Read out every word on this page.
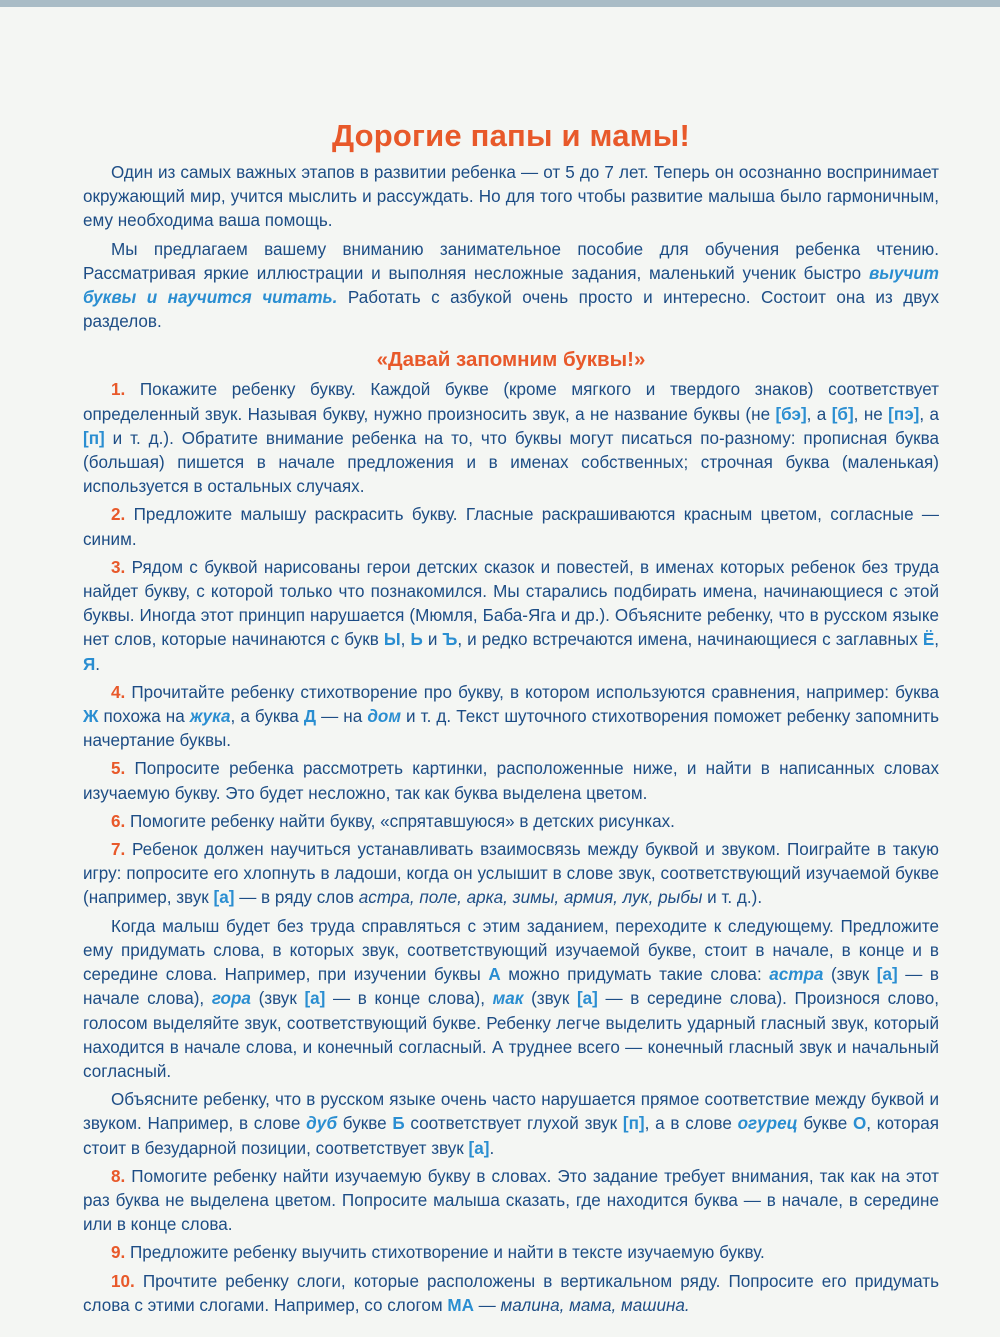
Дорогие папы и мамы!

Один из самых важных этапов в развитии ребенка — от 5 до 7 лет. Теперь он осознанно воспринимает окружающий мир, учится мыслить и рассуждать. Но для того чтобы развитие малыша было гармоничным, ему необходима ваша помощь.

Мы предлагаем вашему вниманию занимательное пособие для обучения ребенка чтению. Рассматривая яркие иллюстрации и выполняя несложные задания, маленький ученик быстро выучит буквы и научится читать. Работать с азбукой очень просто и интересно. Состоит она из двух разделов.

«Давай запомним буквы!»

1. Покажите ребенку букву. Каждой букве (кроме мягкого и твердого знаков) соответствует определенный звук. Называя букву, нужно произносить звук, а не название буквы (не [бэ], а [б], не [пэ], а [п] и т. д.). Обратите внимание ребенка на то, что буквы могут писаться по-разному: прописная буква (большая) пишется в начале предложения и в именах собственных; строчная буква (маленькая) используется в остальных случаях.

2. Предложите малышу раскрасить букву. Гласные раскрашиваются красным цветом, согласные — синим.

3. Рядом с буквой нарисованы герои детских сказок и повестей, в именах которых ребенок без труда найдет букву, с которой только что познакомился. Мы старались подбирать имена, начинающиеся с этой буквы. Иногда этот принцип нарушается (Мюмля, Баба-Яга и др.). Объясните ребенку, что в русском языке нет слов, которые начинаются с букв Ы, Ь и Ъ, и редко встречаются имена, начинающиеся с заглавных Ё, Я.

4. Прочитайте ребенку стихотворение про букву, в котором используются сравнения, например: буква Ж похожа на жука, а буква Д — на дом и т. д. Текст шуточного стихотворения поможет ребенку запомнить начертание буквы.

5. Попросите ребенка рассмотреть картинки, расположенные ниже, и найти в написанных словах изучаемую букву. Это будет несложно, так как буква выделена цветом.

6. Помогите ребенку найти букву, «спрятавшуюся» в детских рисунках.

7. Ребенок должен научиться устанавливать взаимосвязь между буквой и звуком. Поиграйте в такую игру: попросите его хлопнуть в ладоши, когда он услышит в слове звук, соответствующий изучаемой букве (например, звук [а] — в ряду слов астра, поле, арка, зимы, армия, лук, рыбы и т. д.).

Когда малыш будет без труда справляться с этим заданием, переходите к следующему. Предложите ему придумать слова, в которых звук, соответствующий изучаемой букве, стоит в начале, в конце и в середине слова. Например, при изучении буквы А можно придумать такие слова: астра (звук [а] — в начале слова), гора (звук [а] — в конце слова), мак (звук [а] — в середине слова). Произнося слово, голосом выделяйте звук, соответствующий букве. Ребенку легче выделить ударный гласный звук, который находится в начале слова, и конечный согласный. А труднее всего — конечный гласный звук и начальный согласный.

Объясните ребенку, что в русском языке очень часто нарушается прямое соответствие между буквой и звуком. Например, в слове дуб букве Б соответствует глухой звук [п], а в слове огурец букве О, которая стоит в безударной позиции, соответствует звук [а].

8. Помогите ребенку найти изучаемую букву в словах. Это задание требует внимания, так как на этот раз буква не выделена цветом. Попросите малыша сказать, где находится буква — в начале, в середине или в конце слова.

9. Предложите ребенку выучить стихотворение и найти в тексте изучаемую букву.

10. Прочтите ребенку слоги, которые расположены в вертикальном ряду. Попросите его придумать слова с этими слогами. Например, со слогом МА — малина, мама, машина.
